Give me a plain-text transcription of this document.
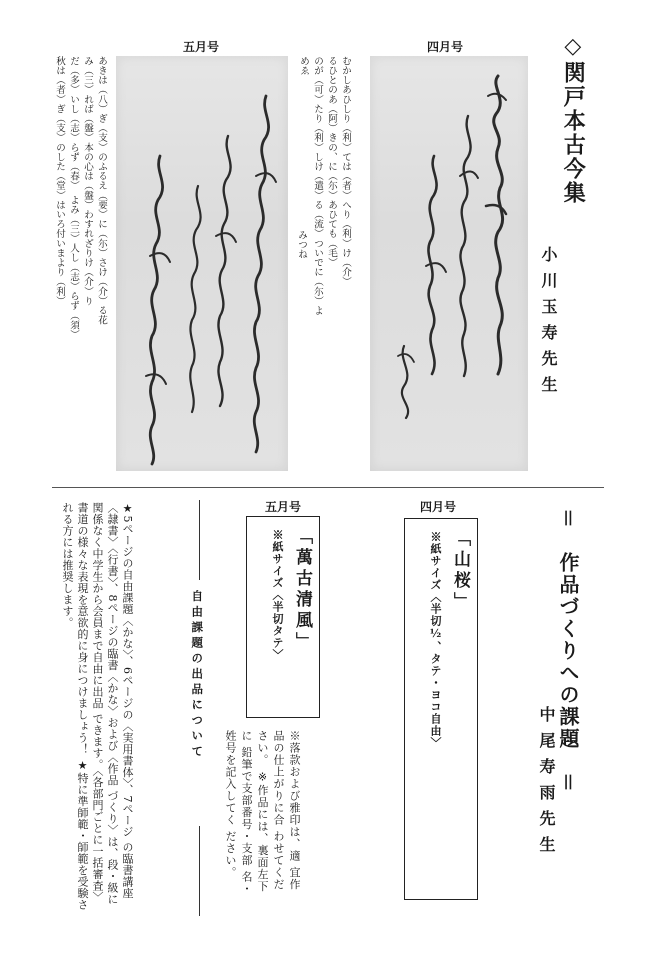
四月号
五月号	◇関戸本古今集
小川玉寿先生
むかしあひしり（利）ては（者）へり（利）け（介）
るひとのあ（阿）きの、に（尓）あひても（毛）
のが（可）たり（利）しけ（遣）る（流）ついでに（尓）よ
めゑ
みつね
あきは（八）ぎ（支）のふるえ（要）に（尓）さけ（介）る花
み（三）れば（盤）本の心は（盤）わすれざりけ（介）り
だ（多）いし（志）らず（春）　よみ（三）人し（志）らず（須）
秋は（者）ぎ（支）のした（堂）はいろ付いまより（利）
＝　作品づくりへの課題　＝
中尾寿雨先生
四月号
五月号
「山桜」
※紙サイズ〈半切½、タテ・ヨコ自由〉
「萬古清風」
※紙サイズ〈半切タテ〉
※落款および雅印は、適 宜作品の仕上がりに合 わせてください。 ※作品には、裏面左下に 鉛筆で支部番号・支部 名・姓号を記入してく ださい。
自由課題の出品について
★5ページの自由課題〈かな〉、6ページの〈実用書体〉、7ページ の臨書講座〈隷書〉〈行書〉、8ページの臨書〈かな〉および〈作品 づくり〉は、段・級に関係なく中学生から会員まで自由に出品 できます。〈各部門ごとに一括審査〉 書道の様々な表現を意欲的に身につけましょう！ ★特に準師範・師範を受験される方には推奨します。
